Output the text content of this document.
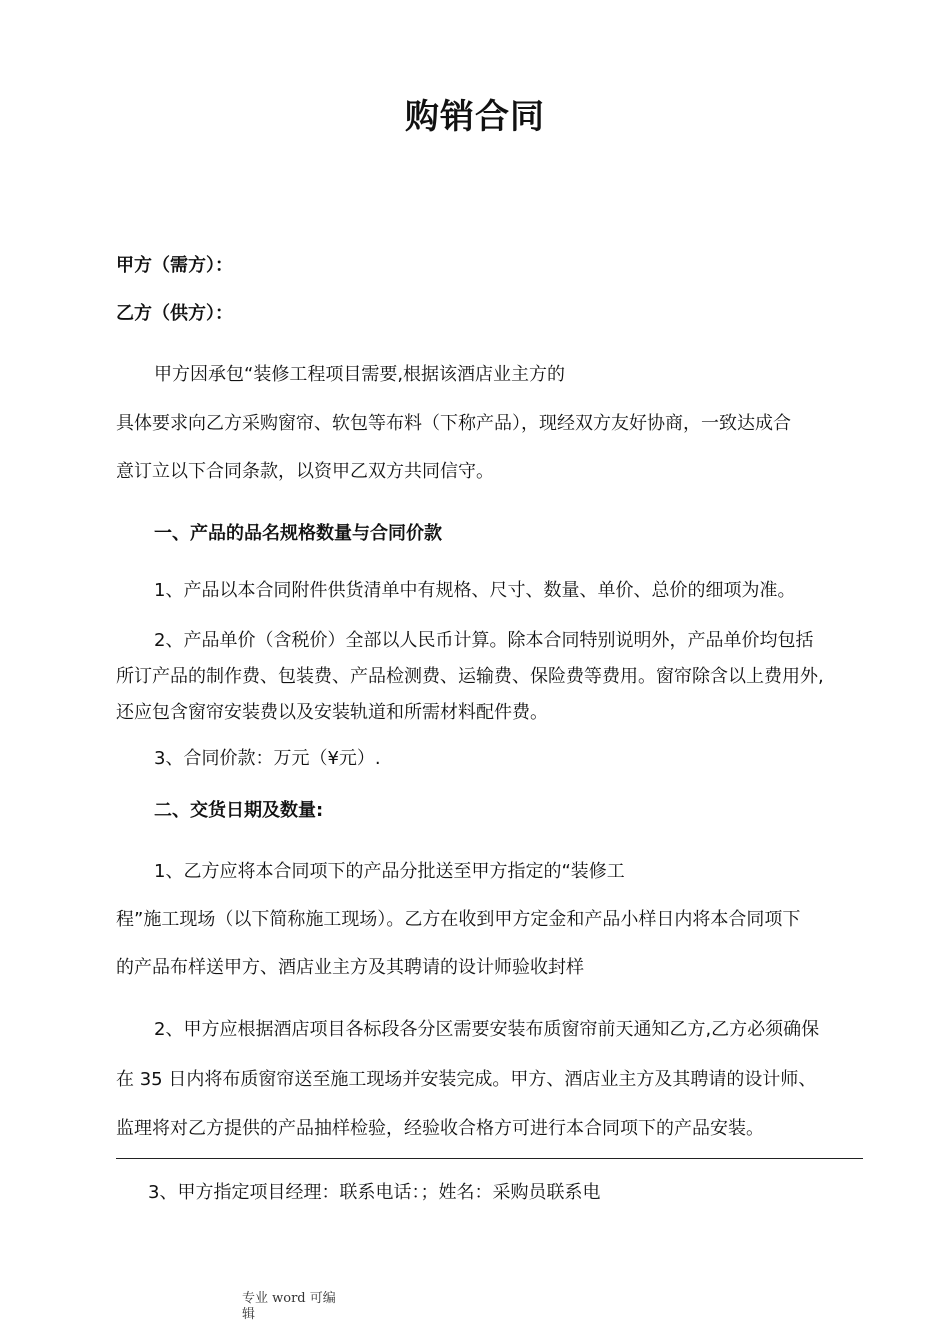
购销合同
甲方（需方）：
乙方（供方）：
甲方因承包“装修工程项目需要,根据该酒店业主方的
具体要求向乙方采购窗帘、软包等布料（下称产品），现经双方友好协商，一致达成合
意订立以下合同条款，以资甲乙双方共同信守。
一、产品的品名规格数量与合同价款
1、产品以本合同附件供货清单中有规格、尺寸、数量、单价、总价的细项为准。
2、产品单价（含税价）全部以人民币计算。除本合同特别说明外，产品单价均包括
所订产品的制作费、包装费、产品检测费、运输费、保险费等费用。窗帘除含以上费用外,
还应包含窗帘安装费以及安装轨道和所需材料配件费。
3、合同价款：万元（¥元）.
二、交货日期及数量:
1、乙方应将本合同项下的产品分批送至甲方指定的“装修工
程”施工现场（以下简称施工现场）。乙方在收到甲方定金和产品小样日内将本合同项下
的产品布样送甲方、酒店业主方及其聘请的设计师验收封样
2、甲方应根据酒店项目各标段各分区需要安装布质窗帘前天通知乙方,乙方必须确保
在 35 日内将布质窗帘送至施工现场并安装完成。甲方、酒店业主方及其聘请的设计师、
监理将对乙方提供的产品抽样检验，经验收合格方可进行本合同项下的产品安装。
3、甲方指定项目经理：联系电话：；姓名：采购员联系电
专业 word 可编辑
